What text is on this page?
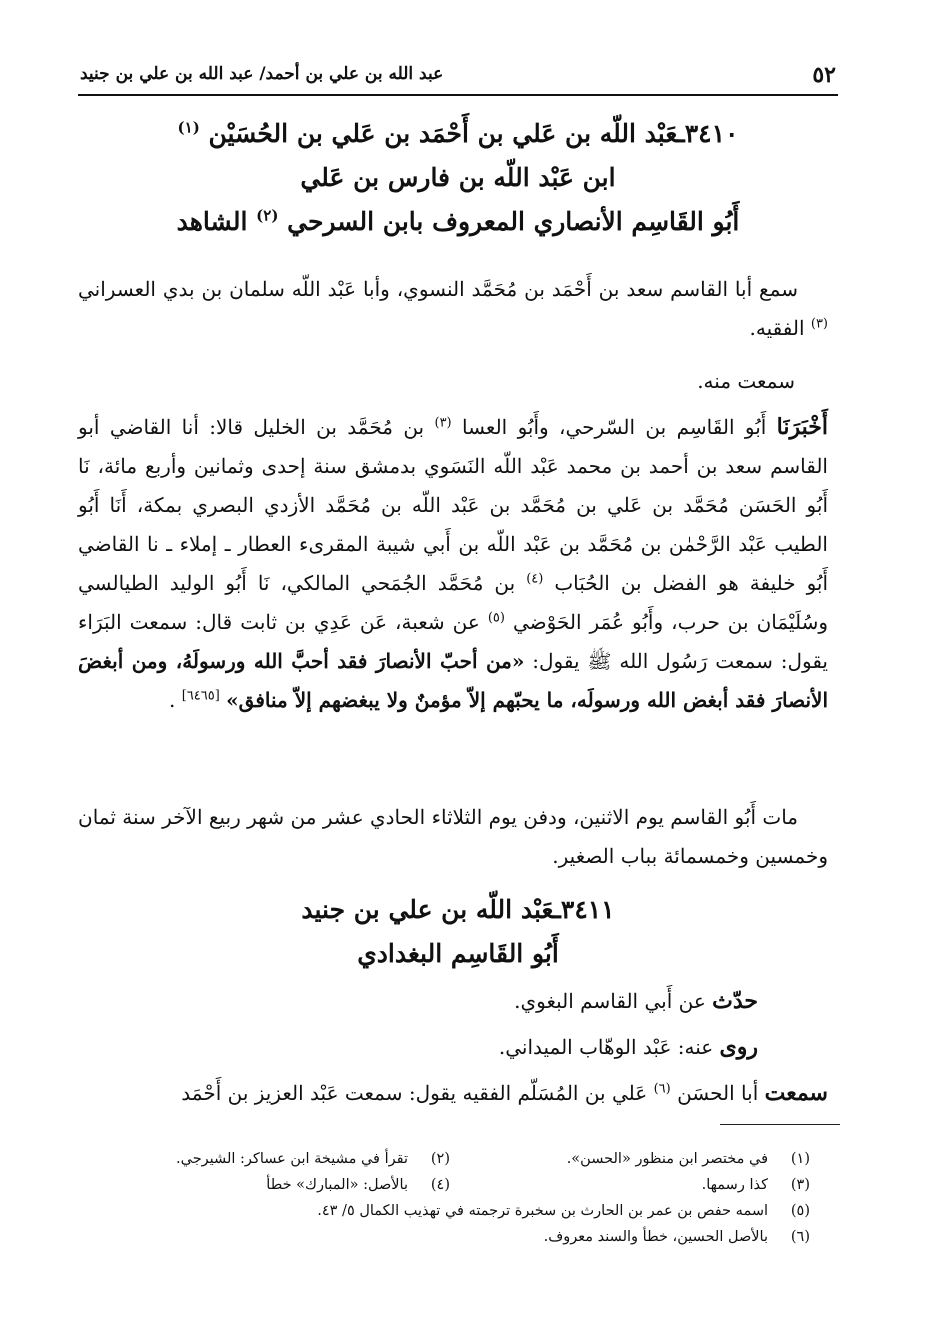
٥٢
عبد الله بن علي بن أحمد/ عبد الله بن علي بن جنيد
٣٤١٠ـعَبْد اللّه بن عَلي بن أَحْمَد بن عَلي بن الحُسَيْن $^{(١)}$
ابن عَبْد اللّه بن فارس بن عَلي
أَبُو القَاسِم الأنصاري المعروف بابن السرحي $^{(٢)}$ الشاهد
سمع أبا القاسم سعد بن أَحْمَد بن مُحَمَّد النسوي، وأبا عَبْد اللّه سلمان بن بدي العسراني $^{(٣)}$ الفقيه.
سمعت منه.
أَخْبَرَنَا أَبُو القَاسِم بن السّرحي، وأَبُو العسا $^{(٣)}$ بن مُحَمَّد بن الخليل قالا: أنا القاضي أبو القاسم سعد بن أحمد بن محمد عَبْد اللّه النَسَوي بدمشق سنة إحدى وثمانين وأربع مائة، نَا أَبُو الحَسَن مُحَمَّد بن عَلي بن مُحَمَّد بن عَبْد اللّه بن مُحَمَّد الأزدي البصري بمكة، أَنَا أَبُو الطيب عَبْد الرَّحْمٰن بن مُحَمَّد بن عَبْد اللّه بن أَبي شيبة المقرىء العطار ـ إملاء ـ نا القاضي أَبُو خليفة هو الفضل بن الحُبَاب $^{(٤)}$ بن مُحَمَّد الجُمَحي المالكي، نَا أَبُو الوليد الطيالسي وسُلَيْمَان بن حرب، وأَبُو عُمَر الحَوْضي $^{(٥)}$ عن شعبة، عَن عَدِي بن ثابت قال: سمعت البَرَاء يقول: سمعت رَسُول الله ﷺ يقول: «من أحبّ الأنصارَ فقد أحبَّ الله ورسولَهُ، ومن أبغضَ الأنصارَ فقد أبغض الله ورسولَه، ما يحبّهم إلاّ مؤمنٌ ولا يبغضهم إلاّ منافق» [٦٤٦٥] .
مات أَبُو القاسم يوم الاثنين، ودفن يوم الثلاثاء الحادي عشر من شهر ربيع الآخر سنة ثمان وخمسين وخمسمائة بباب الصغير.
٣٤١١ـعَبْد اللّه بن علي بن جنيد
أَبُو القَاسِم البغدادي
حدّث عن أَبي القاسم البغوي.
روى عنه: عَبْد الوهّاب الميداني.
سمعت أبا الحسَن $^{(٦)}$ عَلي بن المُسَلّم الفقيه يقول: سمعت عَبْد العزيز بن أَحْمَد
(١)
في مختصر ابن منظور «الحسن».
(٢)
تقرأ في مشيخة ابن عساكر: الشيرجي.
(٣)
كذا رسمها.
(٤)
بالأصل: «المبارك» خطأ
(٥)
اسمه حفص بن عمر بن الحارث بن سخبرة ترجمته في تهذيب الكمال ٥/ ٤٣.
(٦)
بالأصل الحسين، خطأ والسند معروف.
